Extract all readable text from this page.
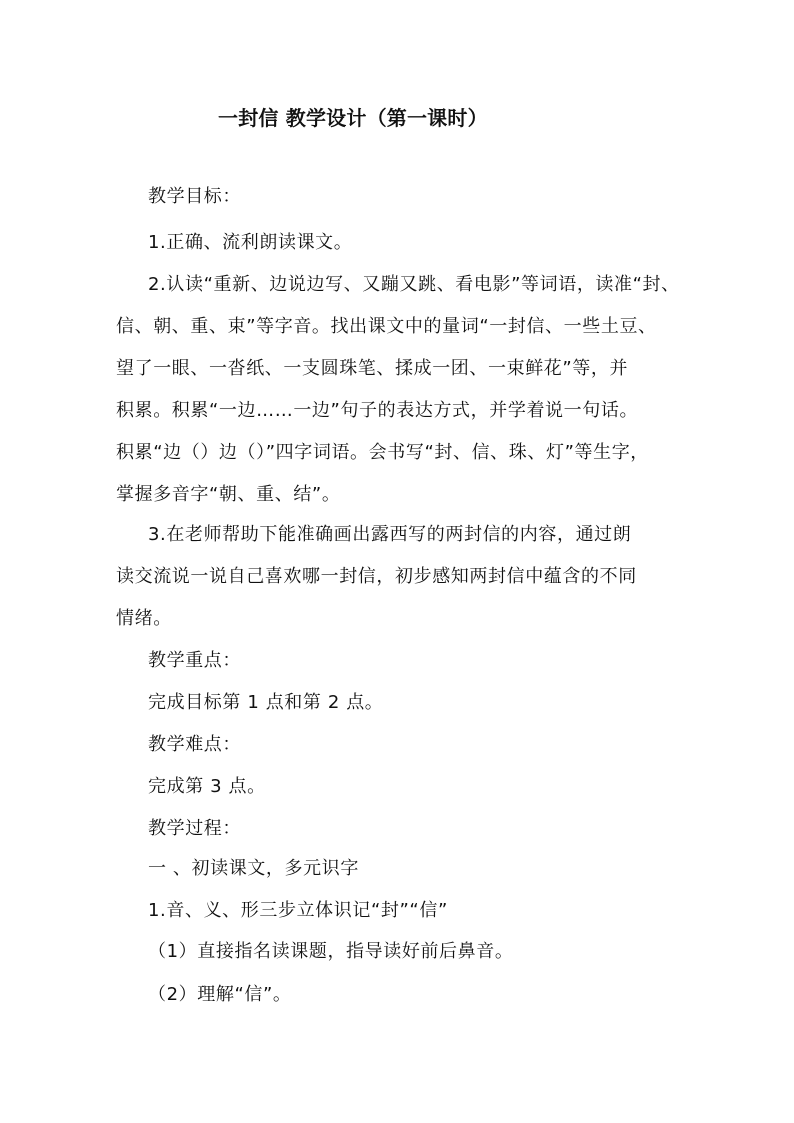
一封信 教学设计（第一课时）
教学目标：
1.正确、流利朗读课文。
2.认读“重新、边说边写、又蹦又跳、看电影”等词语，读准“封、
信、朝、重、束”等字音。找出课文中的量词“一封信、一些土豆、
望了一眼、一沓纸、一支圆珠笔、揉成一团、一束鲜花”等，并
积累。积累“一边……一边”句子的表达方式，并学着说一句话。
积累“边（）边（）”四字词语。会书写“封、信、珠、灯”等生字，
掌握多音字“朝、重、结”。
3.在老师帮助下能准确画出露西写的两封信的内容，通过朗
读交流说一说自己喜欢哪一封信，初步感知两封信中蕴含的不同
情绪。
教学重点：
完成目标第 1 点和第 2 点。
教学难点：
完成第 3 点。
教学过程：
一 、初读课文，多元识字
1.音、义、形三步立体识记“封”“信”
（1）直接指名读课题，指导读好前后鼻音。
（2）理解“信”。
